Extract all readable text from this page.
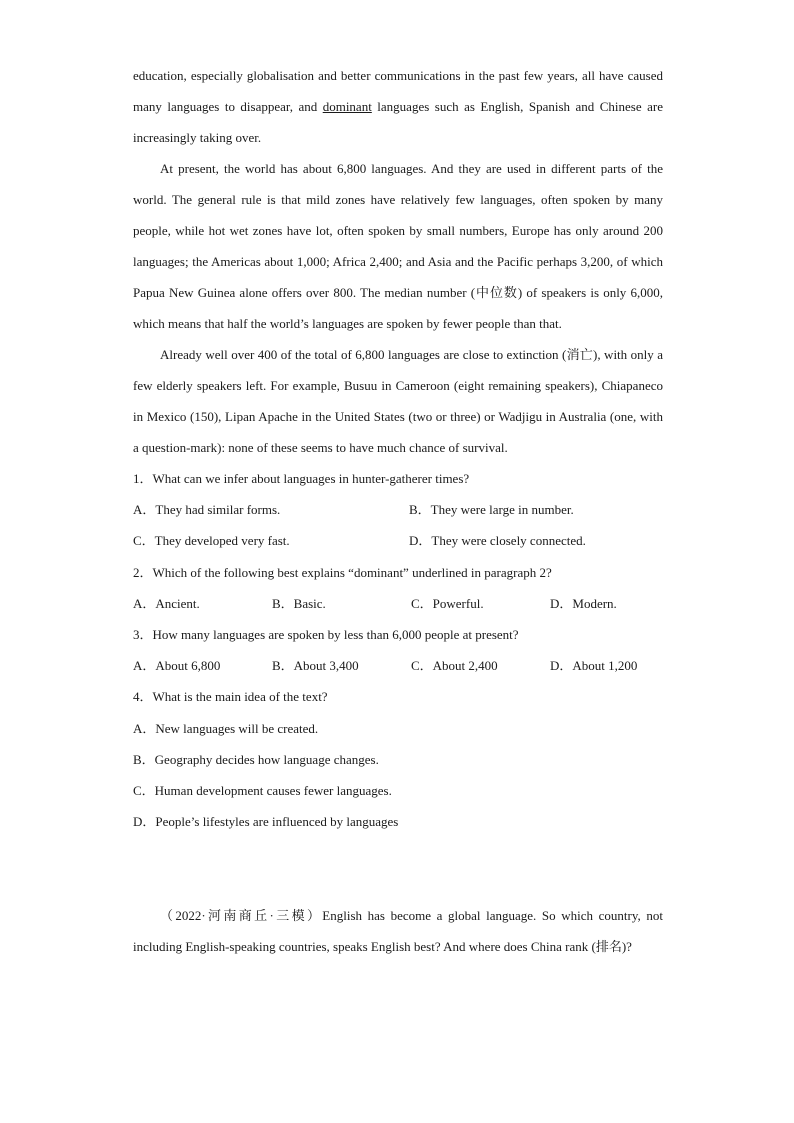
education, especially globalisation and better communications in the past few years, all have caused many languages to disappear, and dominant languages such as English, Spanish and Chinese are increasingly taking over.

At present, the world has about 6,800 languages. And they are used in different parts of the world. The general rule is that mild zones have relatively few languages, often spoken by many people, while hot wet zones have lot, often spoken by small numbers, Europe has only around 200 languages; the Americas about 1,000; Africa 2,400; and Asia and the Pacific perhaps 3,200, of which Papua New Guinea alone offers over 800. The median number (中位数) of speakers is only 6,000, which means that half the world’s languages are spoken by fewer people than that.

Already well over 400 of the total of 6,800 languages are close to extinction (消亡), with only a few elderly speakers left. For example, Busuu in Cameroon (eight remaining speakers), Chiapaneco in Mexico (150), Lipan Apache in the United States (two or three) or Wadjigu in Australia (one, with a question-mark): none of these seems to have much chance of survival.

1．What can we infer about languages in hunter-gatherer times?

A．They had similar forms.	B．They were large in number.
C．They developed very fast.	D．They were closely connected.

2．Which of the following best explains “dominant” underlined in paragraph 2?

A．Ancient.	B．Basic.	C．Powerful.	D．Modern.

3．How many languages are spoken by less than 6,000 people at present?

A．About 6,800	B．About 3,400	C．About 2,400	D．About 1,200

4．What is the main idea of the text?

A．New languages will be created.

B．Geography decides how language changes.

C．Human development causes fewer languages.

D．People’s lifestyles are influenced by languages

（2022·河南商丘·三模）English has become a global language. So which country, not including English-speaking countries, speaks English best? And where does China rank (排名)?
